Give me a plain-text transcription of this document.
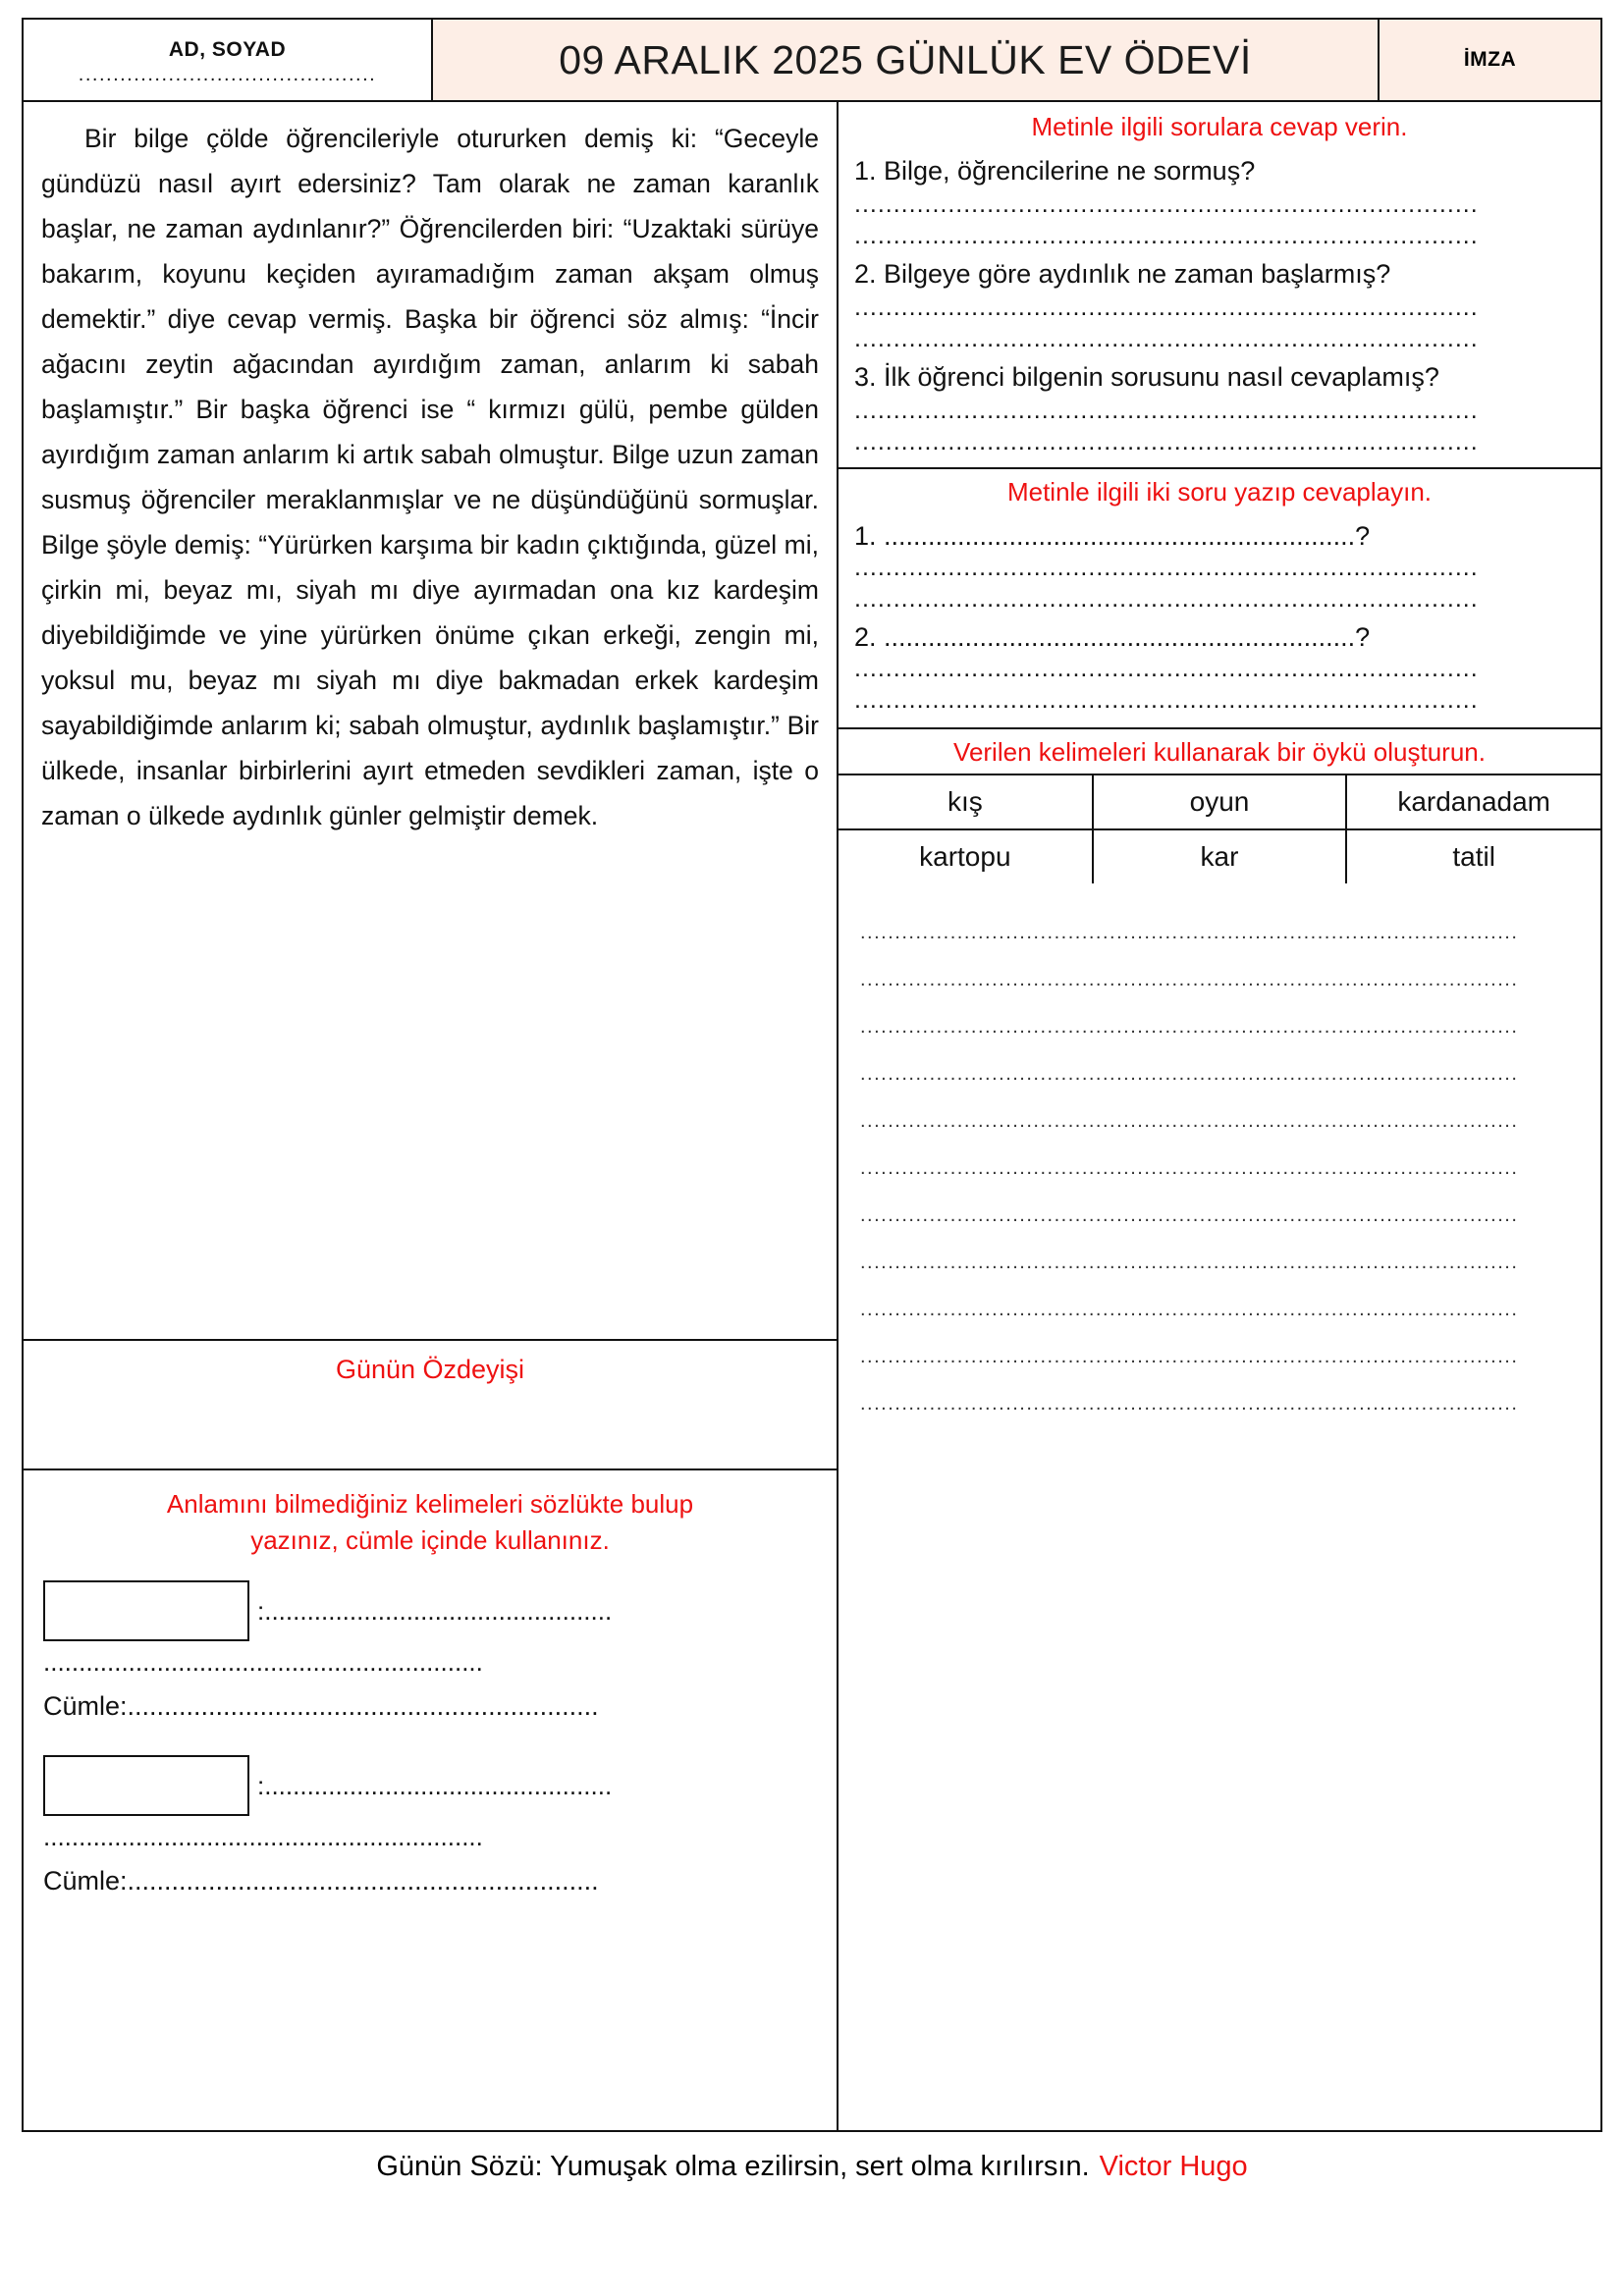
AD, SOYAD
...........................................	09 ARALIK 2025 GÜNLÜK EV ÖDEVİ	İMZA

Bir bilge çölde öğrencileriyle otururken demiş ki: “Geceyle gündüzü nasıl ayırt edersiniz? Tam olarak ne zaman karanlık başlar, ne zaman aydınlanır?” Öğrencilerden biri: “Uzaktaki sürüye bakarım, koyunu keçiden ayıramadığım zaman akşam olmuş demektir.” diye cevap vermiş. Başka bir öğrenci söz almış: “İncir ağacını zeytin ağacından ayırdığım zaman, anlarım ki sabah başlamıştır.” Bir başka öğrenci ise “ kırmızı gülü, pembe gülden ayırdığım zaman anlarım ki artık sabah olmuştur. Bilge uzun zaman susmuş öğrenciler meraklanmışlar ve ne düşündüğünü sormuşlar. Bilge şöyle demiş: “Yürürken karşıma bir kadın çıktığında, güzel mi, çirkin mi, beyaz mı, siyah mı diye ayırmadan ona kız kardeşim diyebildiğimde ve yine yürürken önüme çıkan erkeği, zengin mi, yoksul mu, beyaz mı siyah mı diye bakmadan erkek kardeşim sayabildiğimde anlarım ki; sabah olmuştur, aydınlık başlamıştır.” Bir ülkede, insanlar birbirlerini ayırt etmeden sevdikleri zaman, işte o zaman o ülkede aydınlık günler gelmiştir demek.

Günün Özdeyişi
Anlamını bilmediğiniz kelimeleri sözlükte bulup
yazınız, cümle içinde kullanınız.
:.................................................
..............................................................
Cümle:................................................................
:.................................................
..............................................................
Cümle:................................................................
Metinle ilgili sorulara cevap verin.
1. Bilge, öğrencilerine ne sormuş?
................................................................................
................................................................................
2. Bilgeye göre aydınlık ne zaman başlarmış?
................................................................................
................................................................................
3. İlk öğrenci bilgenin sorusunu nasıl cevaplamış?
................................................................................
................................................................................
Metinle ilgili iki soru yazıp cevaplayın.
1. ................................................................?
................................................................................
................................................................................
2. ................................................................?
................................................................................
................................................................................
Verilen kelimeleri kullanarak bir öykü oluşturun.
kış	oyun	kardanadam
kartopu	kar	tatil
...............................................................................................
...............................................................................................
...............................................................................................
...............................................................................................
...............................................................................................
...............................................................................................
...............................................................................................
...............................................................................................
...............................................................................................
...............................................................................................
...............................................................................................
Günün Sözü: Yumuşak olma ezilirsin, sert olma kırılırsın. Victor Hugo
